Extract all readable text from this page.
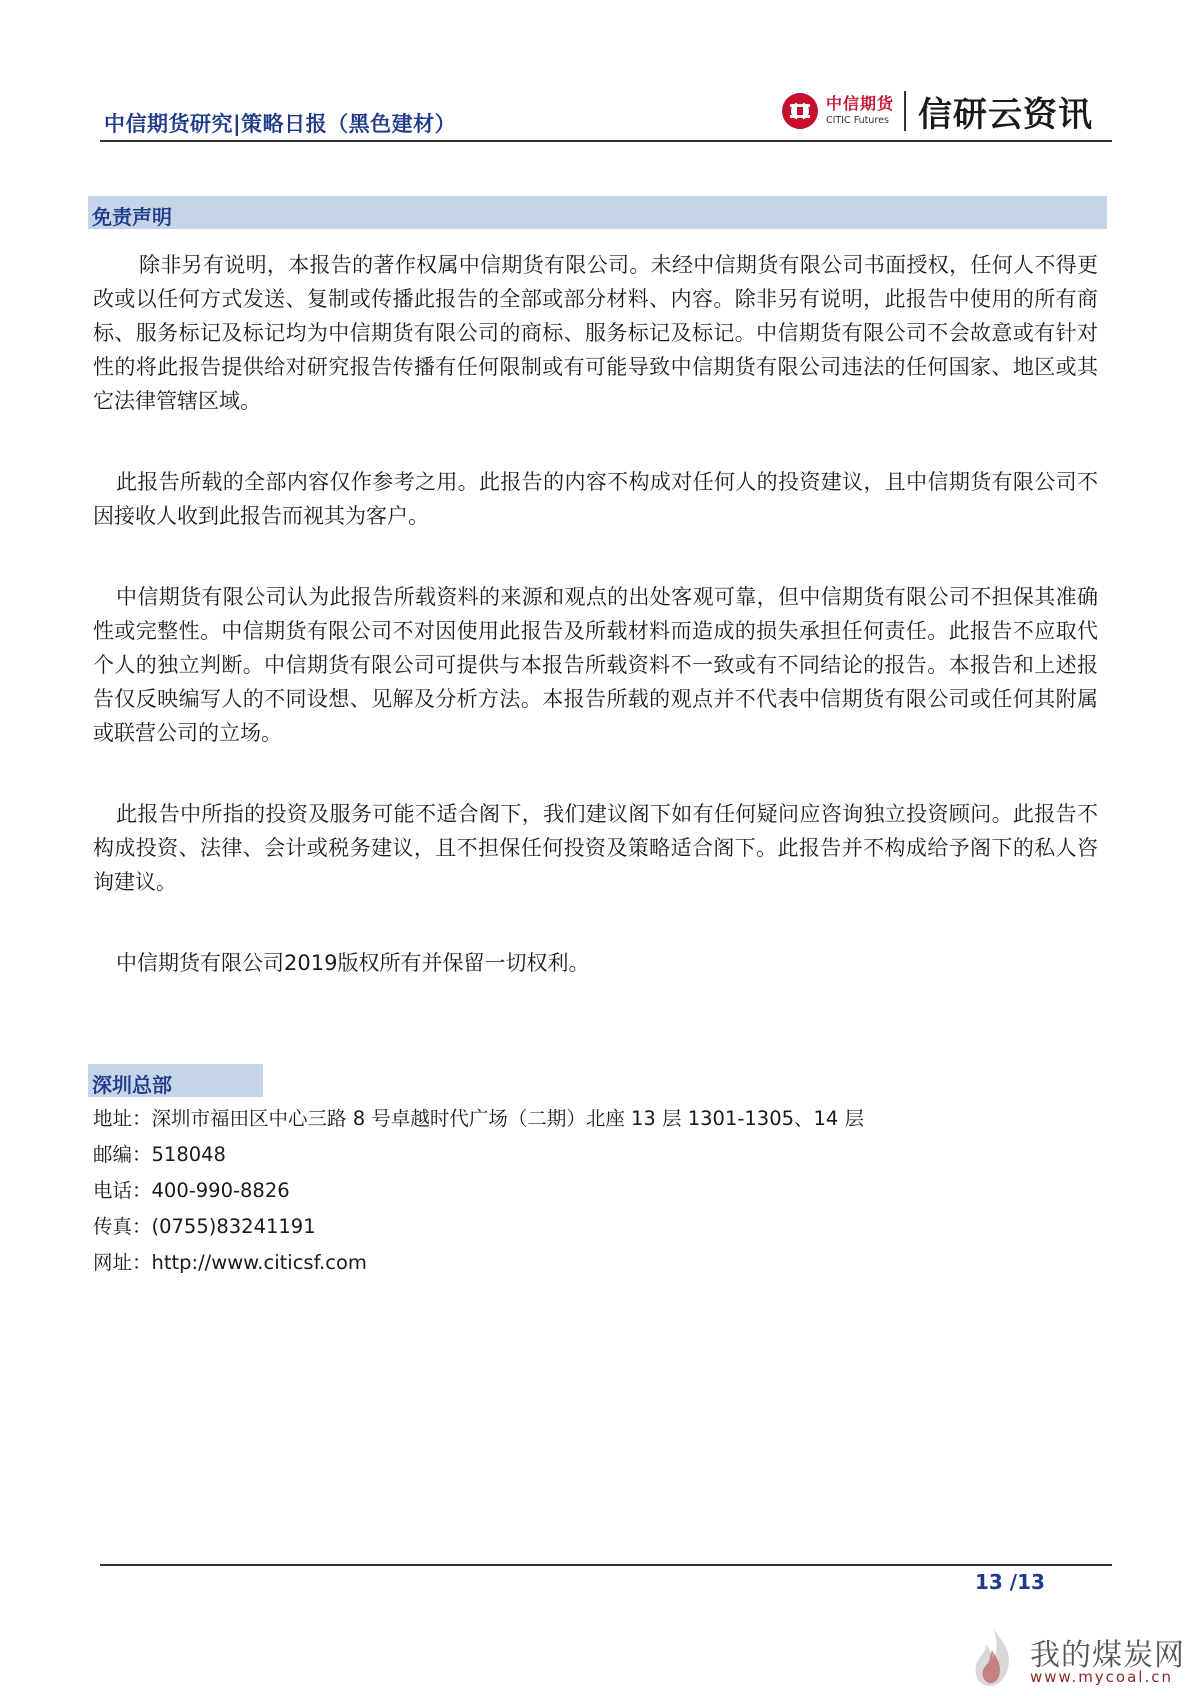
中信期货研究|策略日报（黑色建材）
中信期货
CITIC Futures 信研云资讯
免责声明

除非另有说明，本报告的著作权属中信期货有限公司。未经中信期货有限公司书面授权，任何人不得更改或以任何方式发送、复制或传播此报告的全部或部分材料、内容。除非另有说明，此报告中使用的所有商标、服务标记及标记均为中信期货有限公司的商标、服务标记及标记。中信期货有限公司不会故意或有针对性的将此报告提供给对研究报告传播有任何限制或有可能导致中信期货有限公司违法的任何国家、地区或其它法律管辖区域。

此报告所载的全部内容仅作参考之用。此报告的内容不构成对任何人的投资建议，且中信期货有限公司不因接收人收到此报告而视其为客户。

中信期货有限公司认为此报告所载资料的来源和观点的出处客观可靠，但中信期货有限公司不担保其准确性或完整性。中信期货有限公司不对因使用此报告及所载材料而造成的损失承担任何责任。此报告不应取代个人的独立判断。中信期货有限公司可提供与本报告所载资料不一致或有不同结论的报告。本报告和上述报告仅反映编写人的不同设想、见解及分析方法。本报告所载的观点并不代表中信期货有限公司或任何其附属或联营公司的立场。

此报告中所指的投资及服务可能不适合阁下，我们建议阁下如有任何疑问应咨询独立投资顾问。此报告不构成投资、法律、会计或税务建议，且不担保任何投资及策略适合阁下。此报告并不构成给予阁下的私人咨询建议。

中信期货有限公司2019版权所有并保留一切权利。

深圳总部
地址：深圳市福田区中心三路 8 号卓越时代广场（二期）北座 13 层 1301-1305、14 层
邮编：518048
电话：400-990-8826
传真：(0755)83241191
网址：http://www.citicsf.com
13 /13
我的煤炭网
www.mycoal.cn
